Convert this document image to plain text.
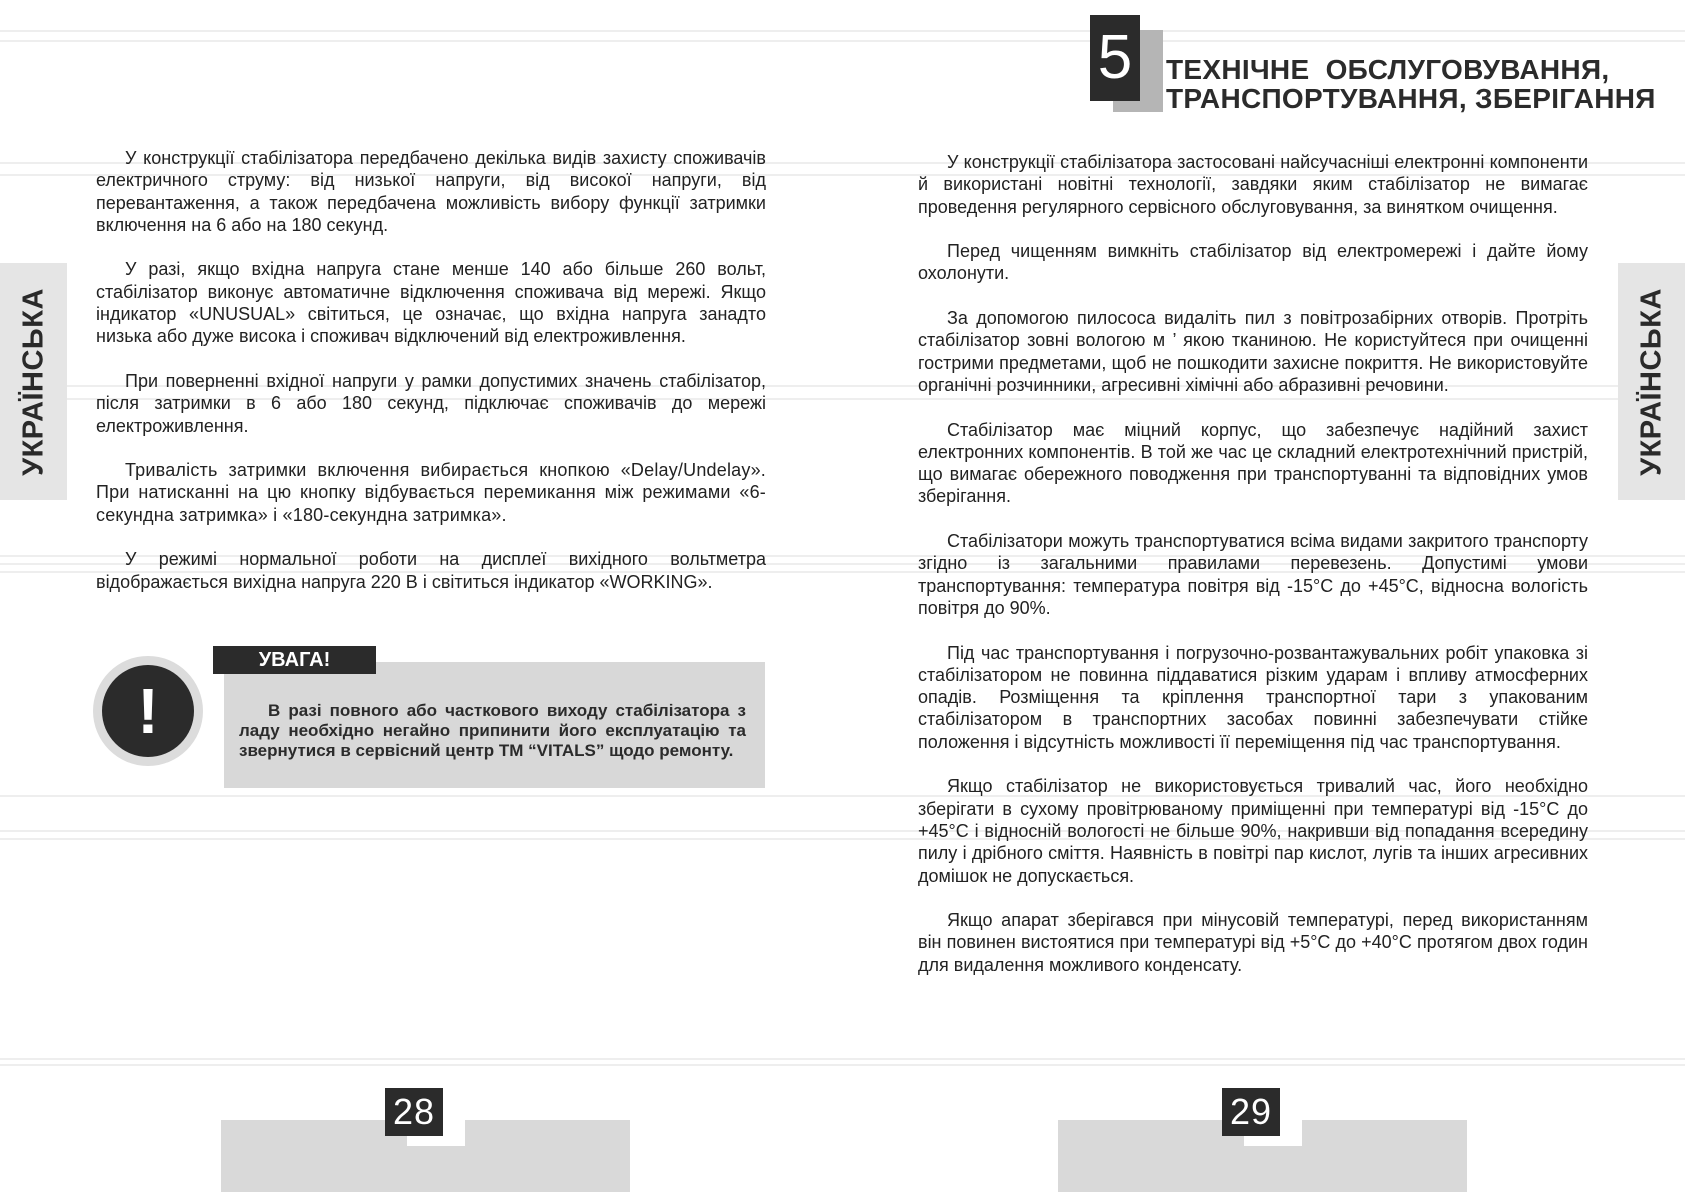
5 ТЕХНІЧНЕ  ОБСЛУГОВУВАННЯ,
ТРАНСПОРТУВАННЯ, ЗБЕРІГАННЯ
УКРАЇНСЬКА	УКРАЇНСЬКА

У конструкції стабілізатора передбачено декілька видів захисту споживачів електричного струму: від низької напруги, від високої напруги, від перевантаження, а також передбачена можливість вибору функції затримки включення на 6 або на 180 секунд.

У разі, якщо вхідна напруга стане менше 140 або більше 260 вольт, стабілізатор виконує автоматичне відключення споживача від мережі. Якщо індикатор «UNUSUAL» світиться, це означає, що вхідна напруга занадто низька або дуже висока і споживач відключений від електроживлення.

При поверненні вхідної напруги у рамки допустимих значень стабілізатор, після затримки в 6 або 180 секунд, підключає споживачів до мережі електроживлення.

Тривалість затримки включення вибирається кнопкою «Delay/Undelay». При натисканні на цю кнопку відбувається перемикання між режимами «6-секундна затримка» і «180-секундна затримка».

У режимі нормальної роботи на дисплеї вихідного вольтметра відображається вихідна напруга 220 В і світиться індикатор «WORKING».

!	В разі повного або часткового виходу стабілізатора з ладу необхідно негайно припинити його експлуатацію та звернутися в сервісний центр ТМ “VITALS” щодо ремонту.
УВАГА!

У конструкції стабілізатора застосовані найсучасніші електронні компоненти й використані новітні технології, завдяки яким стабілізатор не вимагає проведення регулярного сервісного обслуговування, за винятком очищення.

Перед чищенням вимкніть стабілізатор від електромережі і дайте йому охолонути.

За допомогою пилососа видаліть пил з повітрозабірних отворів. Протріть стабілізатор зовні вологою м ’ якою тканиною. Не користуйтеся при очищенні гострими предметами, щоб не пошкодити захисне покриття. Не використовуйте органічні розчинники, агресивні хімічні або абразивні речовини.

Стабілізатор має міцний корпус, що забезпечує надійний захист електронних компонентів. В той же час це складний електротехнічний пристрій, що вимагає обережного поводження при транспортуванні та відповідних умов зберігання.

Стабілізатори можуть транспортуватися всіма видами закритого транспорту згідно із загальними правилами перевезень. Допустимі умови транспортування: температура повітря від -15°С до +45°С, відносна вологість повітря до 90%.

Під час транспортування і погрузочно-розвантажувальних робіт упаковка зі стабілізатором не повинна піддаватися різким ударам і впливу атмосферних опадів. Розміщення та кріплення транспортної тари з упакованим стабілізатором в транспортних засобах повинні забезпечувати стійке положення і відсутність можливості її переміщення під час транспортування.

Якщо стабілізатор не використовується тривалий час, його необхідно зберігати в сухому провітрюваному приміщенні при температурі від -15°С до +45°С і відносній вологості не більше 90%, накривши від попадання всередину пилу і дрібного сміття. Наявність в повітрі пар кислот, лугів та інших агресивних домішок не допускається.

Якщо апарат зберігався при мінусовій температурі, перед використанням він повинен вистоятися при температурі від +5°С до +40°С протягом двох годин для видалення можливого конденсату.

28	29
